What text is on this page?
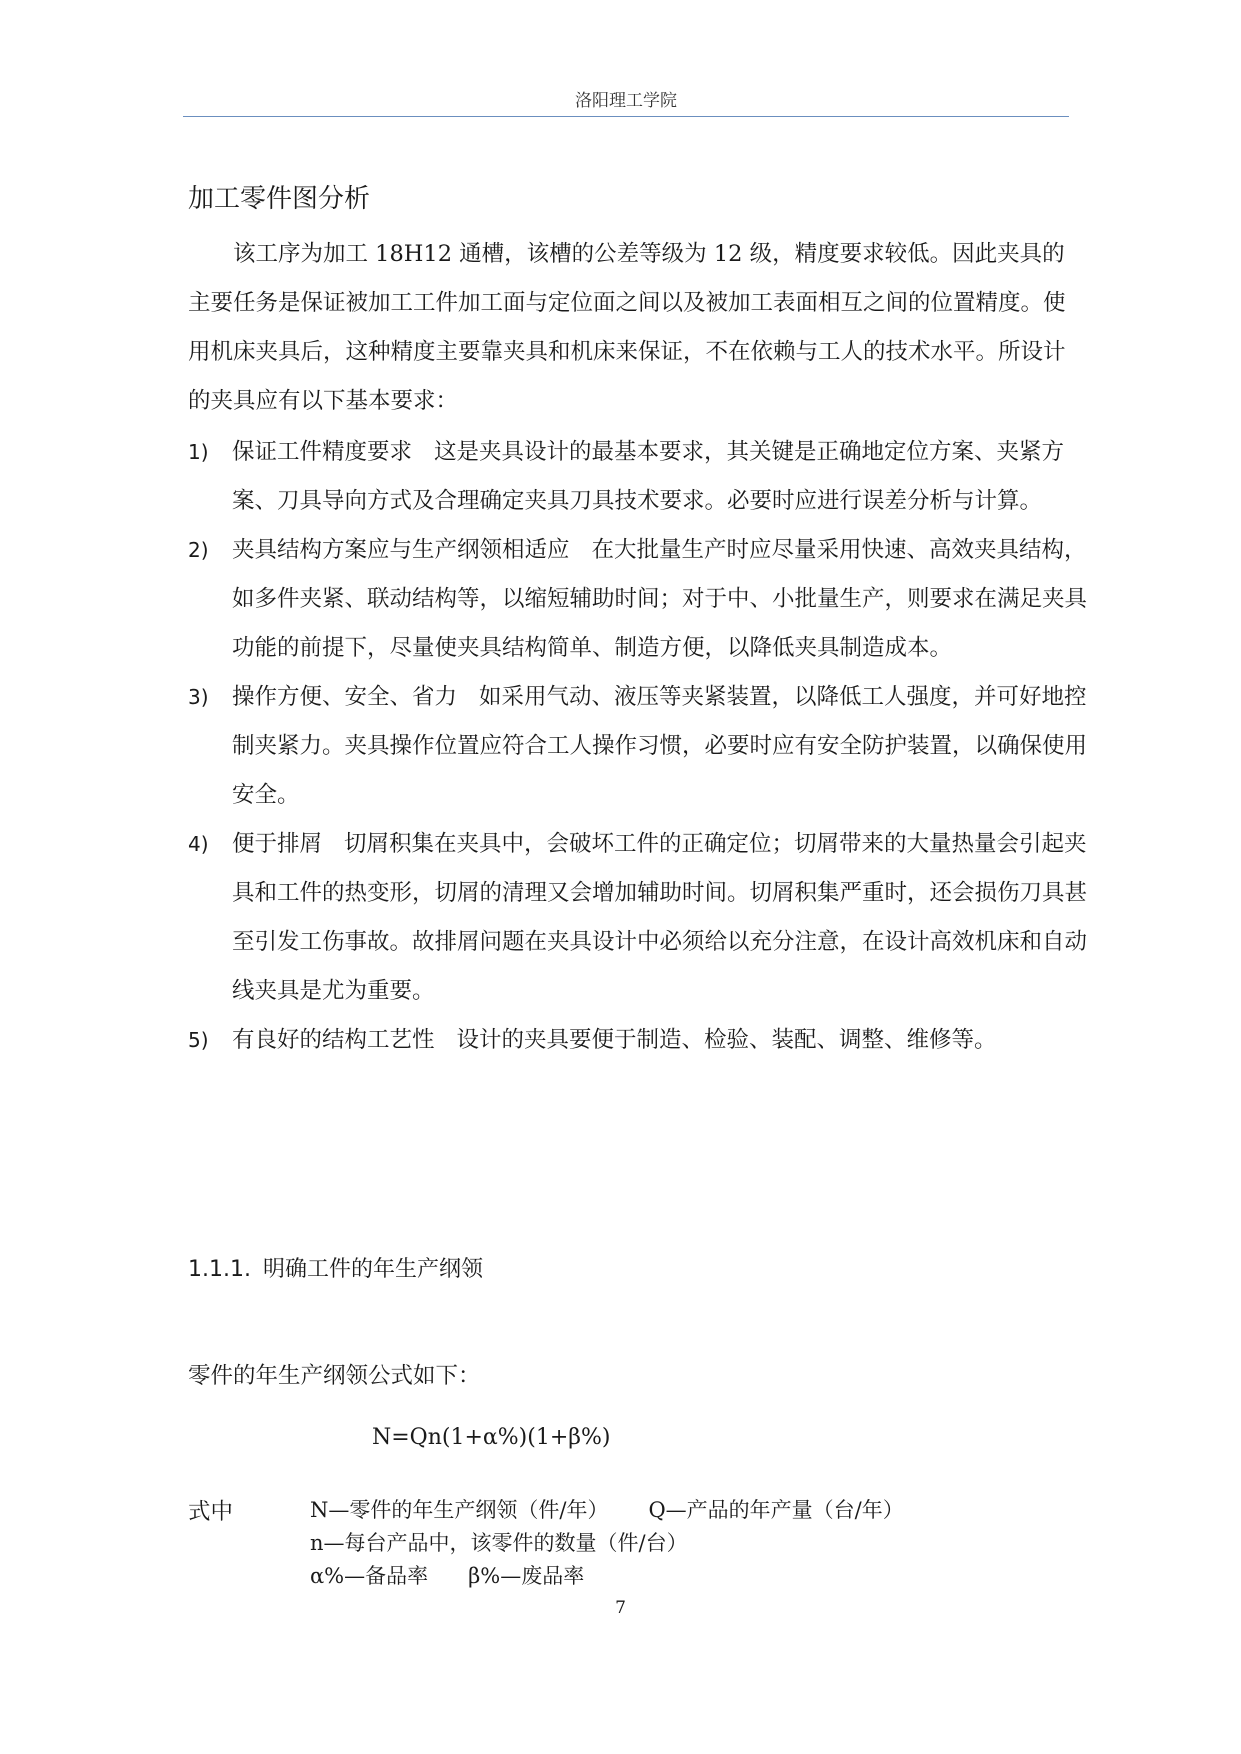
洛阳理工学院
加工零件图分析

该工序为加工 18H12 通槽，该槽的公差等级为 12 级，精度要求较低。因此夹具的主要任务是保证被加工工件加工面与定位面之间以及被加工表面相互之间的位置精度。使用机床夹具后，这种精度主要靠夹具和机床来保证，不在依赖与工人的技术水平。所设计的夹具应有以下基本要求：

1) 保证工件精度要求 这是夹具设计的最基本要求，其关键是正确地定位方案、夹紧方案、刀具导向方式及合理确定夹具刀具技术要求。必要时应进行误差分析与计算。
2) 夹具结构方案应与生产纲领相适应 在大批量生产时应尽量采用快速、高效夹具结构，如多件夹紧、联动结构等，以缩短辅助时间；对于中、小批量生产，则要求在满足夹具功能的前提下，尽量使夹具结构简单、制造方便，以降低夹具制造成本。
3) 操作方便、安全、省力 如采用气动、液压等夹紧装置，以降低工人强度，并可好地控制夹紧力。夹具操作位置应符合工人操作习惯，必要时应有安全防护装置，以确保使用安全。
4) 便于排屑 切屑积集在夹具中，会破坏工件的正确定位；切屑带来的大量热量会引起夹具和工件的热变形，切屑的清理又会增加辅助时间。切屑积集严重时，还会损伤刀具甚至引发工伤事故。故排屑问题在夹具设计中必须给以充分注意，在设计高效机床和自动线夹具是尤为重要。
5) 有良好的结构工艺性 设计的夹具要便于制造、检验、装配、调整、维修等。
1.1.1. 明确工件的年生产纲领

零件的年生产纲领公式如下：

N=Qn(1+α%)(1+β%)

式中	N—零件的年生产纲领（件/年） Q—产品的年产量（台/年）
n—每台产品中，该零件的数量（件/台）
α%—备品率 β%—废品率
7
